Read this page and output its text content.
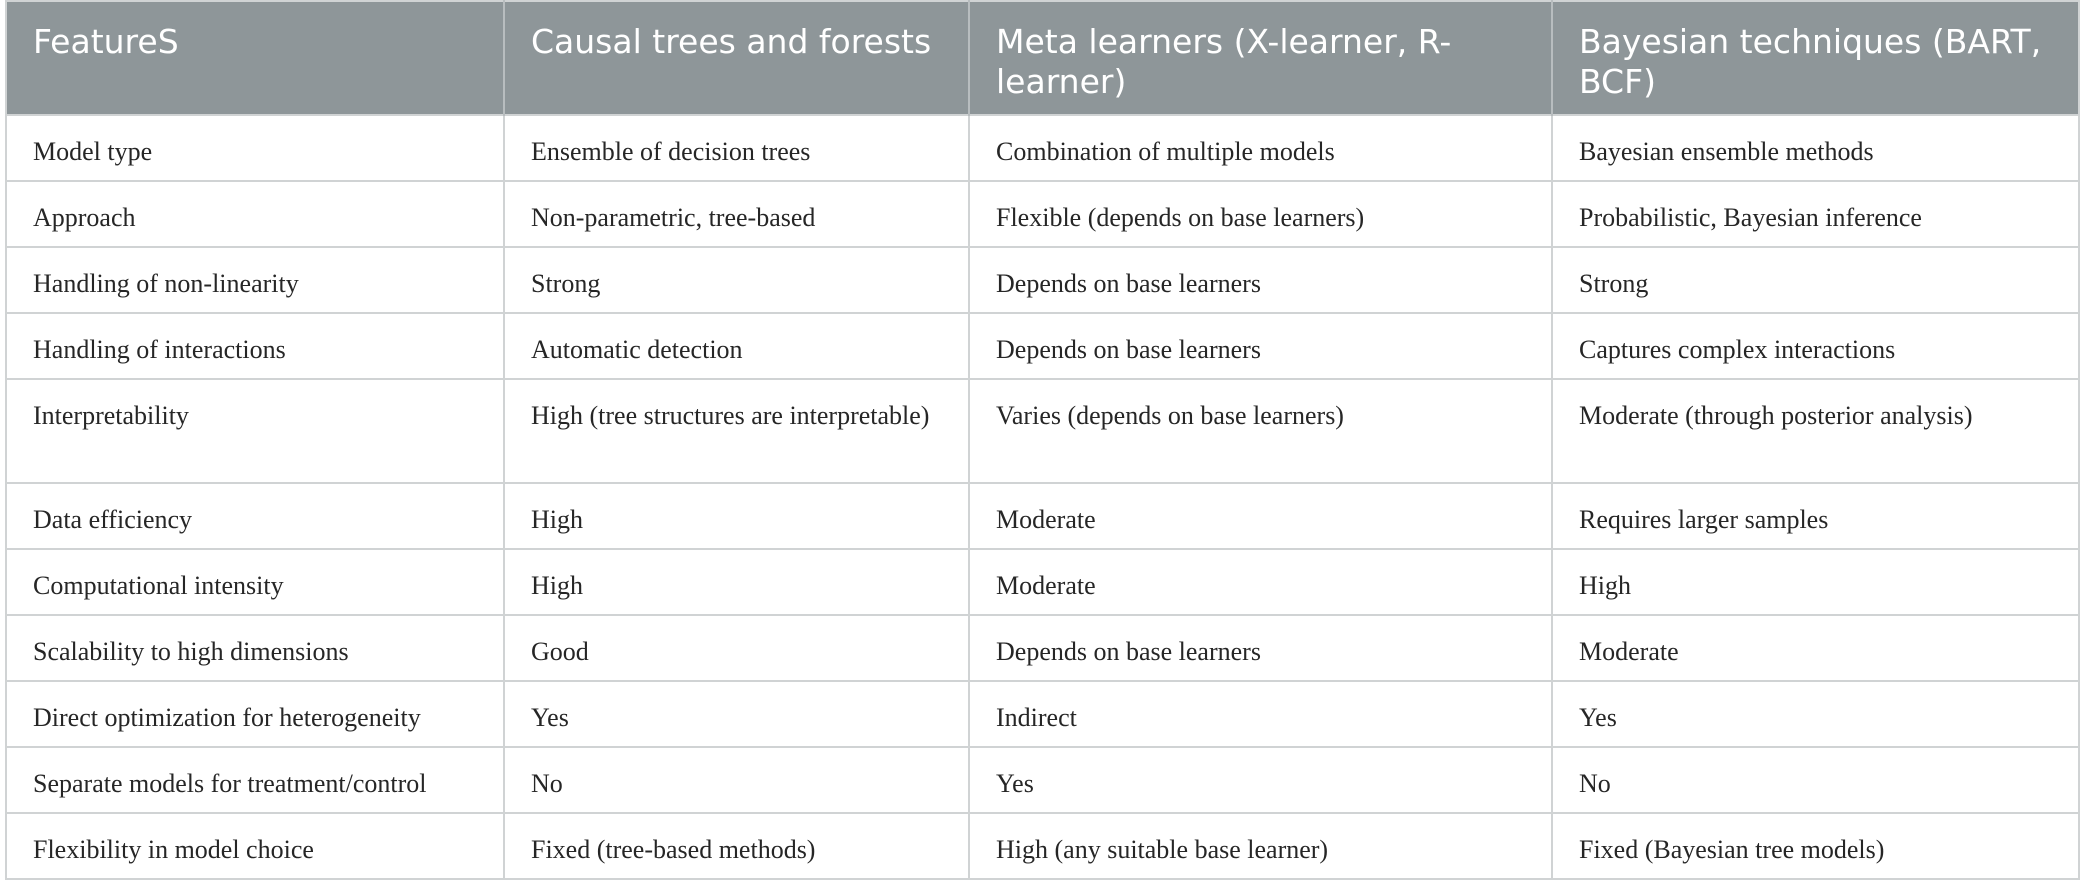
FeatureS	Causal trees and forests	Meta learners (X-learner, R-learner)	Bayesian techniques (BART, BCF)
Model type	Ensemble of decision trees	Combination of multiple models	Bayesian ensemble methods
Approach	Non-parametric, tree-based	Flexible (depends on base learners)	Probabilistic, Bayesian inference
Handling of non-linearity	Strong	Depends on base learners	Strong
Handling of interactions	Automatic detection	Depends on base learners	Captures complex interactions
Interpretability	High (tree structures are interpretable)	Varies (depends on base learners)	Moderate (through posterior analysis)
Data efficiency	High	Moderate	Requires larger samples
Computational intensity	High	Moderate	High
Scalability to high dimensions	Good	Depends on base learners	Moderate
Direct optimization for heterogeneity	Yes	Indirect	Yes
Separate models for treatment/control	No	Yes	No
Flexibility in model choice	Fixed (tree-based methods)	High (any suitable base learner)	Fixed (Bayesian tree models)
